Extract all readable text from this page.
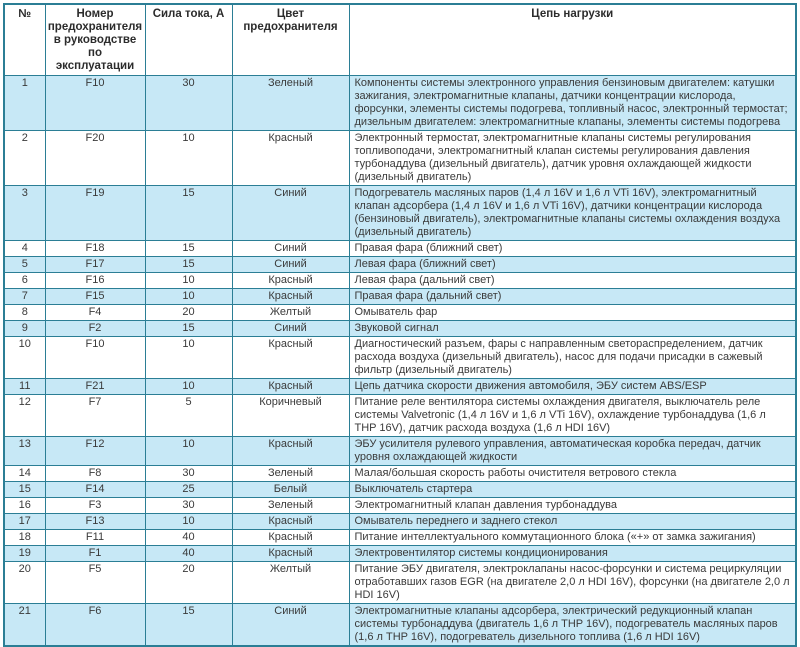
№	Номер предохранителя в руководстве по эксплуатации	Сила тока, А	Цвет предохранителя	Цепь нагрузки
1	F10	30	Зеленый	Компоненты системы электронного управления бензиновым двигателем: катушки зажигания, электромагнитные клапаны, датчики концентрации кислорода, форсунки, элементы системы подогрева, топливный насос, электронный термостат; дизельным двигателем: электромагнитные клапаны, элементы системы подогрева
2	F20	10	Красный	Электронный термостат, электромагнитные клапаны системы регулирования топливоподачи, электромагнитный клапан системы регулирования давления турбонаддува (дизельный двигатель), датчик уровня охлаждающей жидкости (дизельный двигатель)
3	F19	15	Синий	Подогреватель масляных паров (1,4 л 16V и 1,6 л VTi 16V), электромагнитный клапан адсорбера (1,4 л 16V и 1,6 л VTi 16V), датчики концентрации кислорода (бензиновый двигатель), электромагнитные клапаны системы охлаждения воздуха (дизельный двигатель)
4	F18	15	Синий	Правая фара (ближний свет)
5	F17	15	Синий	Левая фара (ближний свет)
6	F16	10	Красный	Левая фара (дальний свет)
7	F15	10	Красный	Правая фара (дальний свет)
8	F4	20	Желтый	Омыватель фар
9	F2	15	Синий	Звуковой сигнал
10	F10	10	Красный	Диагностический разъем, фары с направленным светораспределением, датчик расхода воздуха (дизельный двигатель), насос для подачи присадки в сажевый фильтр (дизельный двигатель)
11	F21	10	Красный	Цепь датчика скорости движения автомобиля, ЭБУ систем ABS/ESP
12	F7	5	Коричневый	Питание реле вентилятора системы охлаждения двигателя, выключатель реле системы Valvetronic (1,4 л 16V и 1,6 л VTi 16V), охлаждение турбонаддува (1,6 л THP 16V), датчик расхода воздуха (1,6 л HDI 16V)
13	F12	10	Красный	ЭБУ усилителя рулевого управления, автоматическая коробка передач, датчик уровня охлаждающей жидкости
14	F8	30	Зеленый	Малая/большая скорость работы очистителя ветрового стекла
15	F14	25	Белый	Выключатель стартера
16	F3	30	Зеленый	Электромагнитный клапан давления турбонаддува
17	F13	10	Красный	Омыватель переднего и заднего стекол
18	F11	40	Красный	Питание интеллектуального коммутационного блока («+» от замка зажигания)
19	F1	40	Красный	Электровентилятор системы кондиционирования
20	F5	20	Желтый	Питание ЭБУ двигателя, электроклапаны насос-форсунки и система рециркуляции отработавших газов EGR (на двигателе 2,0 л HDI 16V), форсунки (на двигателе 2,0 л HDI 16V)
21	F6	15	Синий	Электромагнитные клапаны адсорбера, электрический редукционный клапан системы турбонаддува (двигатель 1,6 л THP 16V), подогреватель масляных паров (1,6 л THP 16V), подогреватель дизельного топлива (1,6 л HDI 16V)
